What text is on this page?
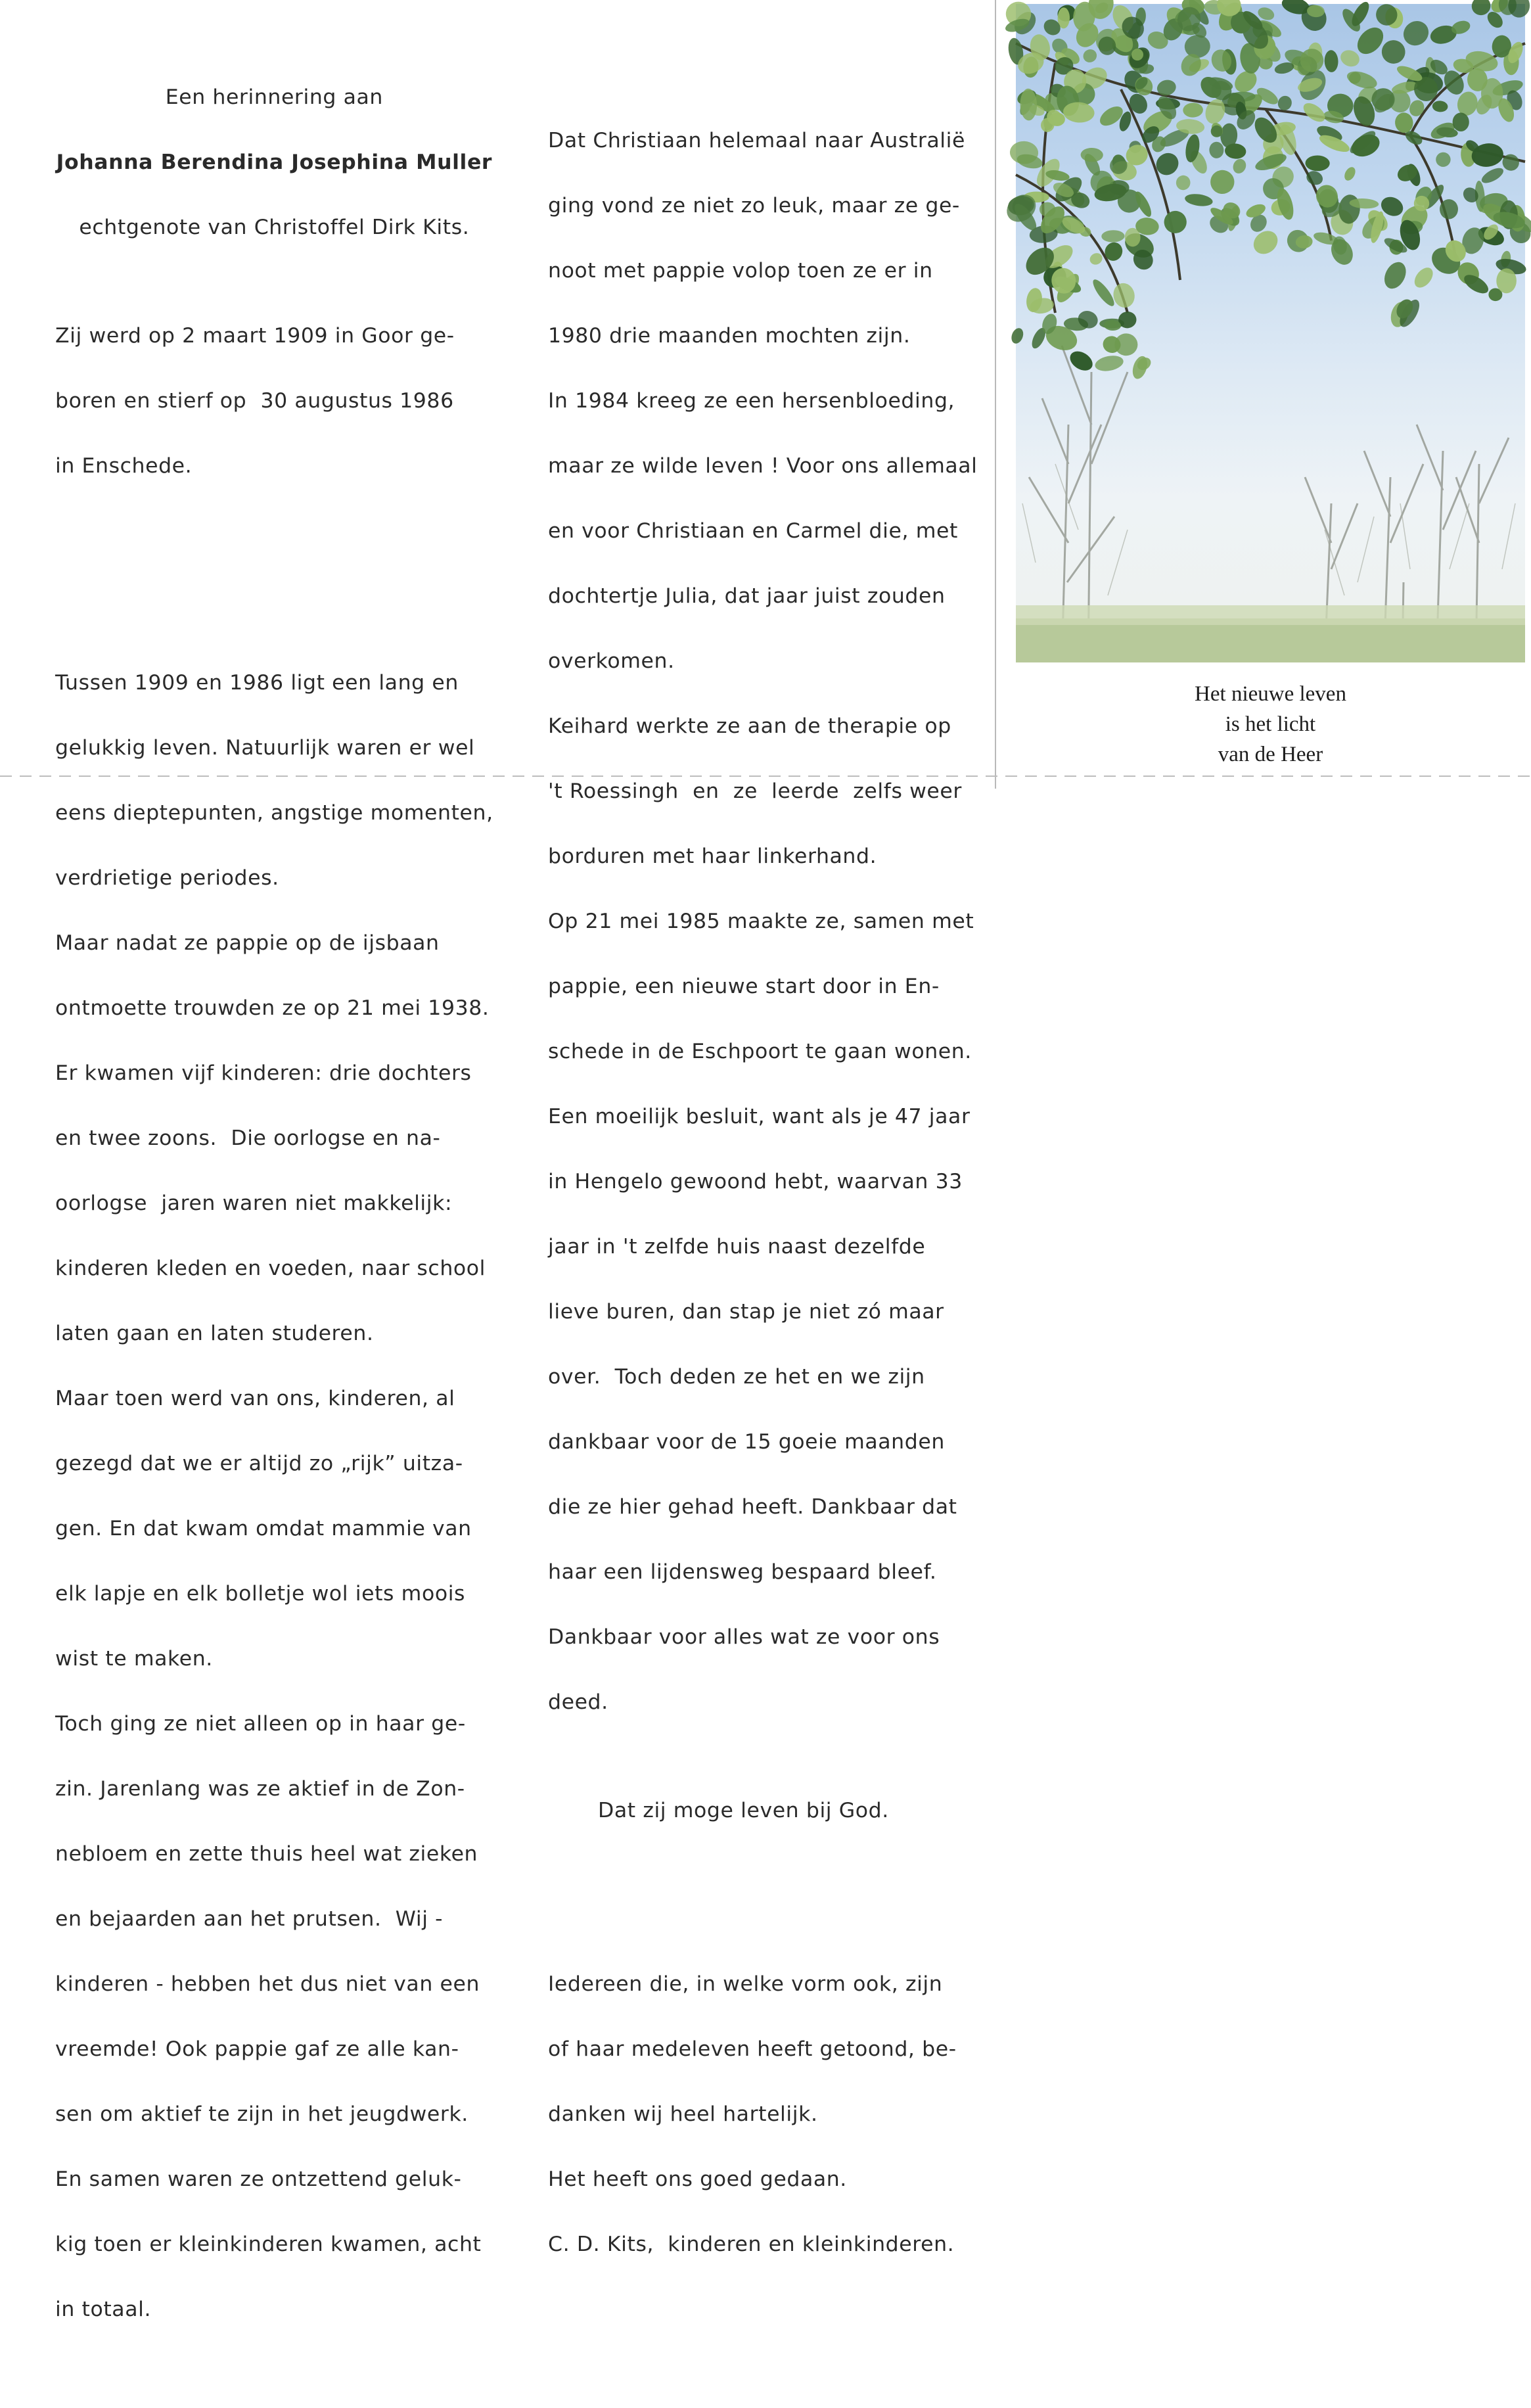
Een herinnering aan

Johanna Berendina Josephina Muller

echtgenote van Christoffel Dirk Kits.

Zij werd op 2 maart 1909 in Goor ge-

boren en stierf op  30 augustus 1986

in Enschede.

Tussen 1909 en 1986 ligt een lang en

gelukkig leven. Natuurlijk waren er wel

eens dieptepunten, angstige momenten,

verdrietige periodes.

Maar nadat ze pappie op de ijsbaan

ontmoette trouwden ze op 21 mei 1938.

Er kwamen vijf kinderen: drie dochters

en twee zoons.  Die oorlogse en na-

oorlogse  jaren waren niet makkelijk:

kinderen kleden en voeden, naar school

laten gaan en laten studeren.

Maar toen werd van ons, kinderen, al

gezegd dat we er altijd zo „rijk” uitza-

gen. En dat kwam omdat mammie van

elk lapje en elk bolletje wol iets moois

wist te maken.

Toch ging ze niet alleen op in haar ge-

zin. Jarenlang was ze aktief in de Zon-

nebloem en zette thuis heel wat zieken

en bejaarden aan het prutsen.  Wij -

kinderen - hebben het dus niet van een

vreemde! Ook pappie gaf ze alle kan-

sen om aktief te zijn in het jeugdwerk.

En samen waren ze ontzettend geluk-

kig toen er kleinkinderen kwamen, acht

in totaal.

Dat Christiaan helemaal naar Australië

ging vond ze niet zo leuk, maar ze ge-

noot met pappie volop toen ze er in

1980 drie maanden mochten zijn.

In 1984 kreeg ze een hersenbloeding,

maar ze wilde leven ! Voor ons allemaal

en voor Christiaan en Carmel die, met

dochtertje Julia, dat jaar juist zouden

overkomen.

Keihard werkte ze aan de therapie op

't Roessingh  en  ze  leerde  zelfs weer

borduren met haar linkerhand.

Op 21 mei 1985 maakte ze, samen met

pappie, een nieuwe start door in En-

schede in de Eschpoort te gaan wonen.

Een moeilijk besluit, want als je 47 jaar

in Hengelo gewoond hebt, waarvan 33

jaar in 't zelfde huis naast dezelfde

lieve buren, dan stap je niet zó maar

over.  Toch deden ze het en we zijn

dankbaar voor de 15 goeie maanden

die ze hier gehad heeft. Dankbaar dat

haar een lijdensweg bespaard bleef.

Dankbaar voor alles wat ze voor ons

deed.

Dat zij moge leven bij God.

Iedereen die, in welke vorm ook, zijn

of haar medeleven heeft getoond, be-

danken wij heel hartelijk.

Het heeft ons goed gedaan.

C. D. Kits,  kinderen en kleinkinderen.

Het nieuwe leven
is het licht
van de Heer
